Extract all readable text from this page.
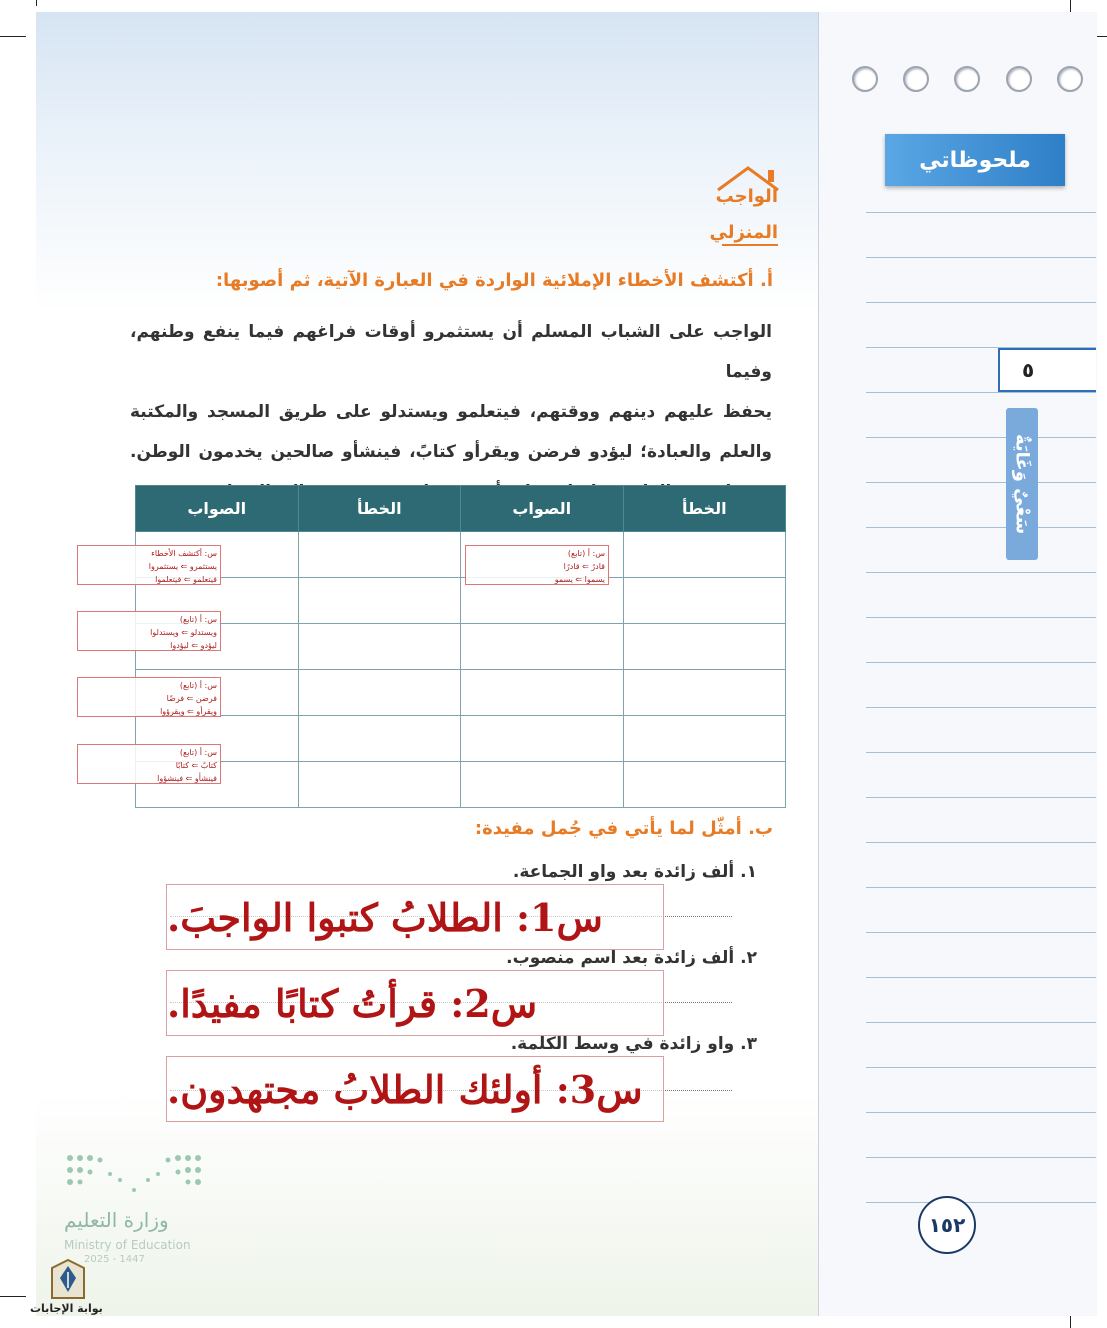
ملحوظاتي
٥
سَعْيٌ وَغَايَةٌ
١٥٢
الواجب
المنزلي
أ. أكتشف الأخطاء الإملائية الواردة في العبارة الآتية، ثم أصوبها:
الواجب على الشباب المسلم أن يستثمرو أوقات فراغهم فيما ينفع وطنهم، وفيما
يحفظ عليهم دينهم ووقتهم، فيتعلمو ويستدلو على طريق المسجد والمكتبة
والعلم والعبادة؛ ليؤدو فرضن ويقرأو كتابً، فينشأو صالحين يخدمون الوطن.
الخطأ	الصواب	الخطأ	الصواب

س: أ (تابع)
قادرً ⇐ قادرًا
يسموا ⇐ يسمو
س: أكتشف الأخطاء
يستثمرو ⇐ يستثمروا
فيتعلمو ⇐ فيتعلموا
س: أ (تابع)
ويستدلو ⇐ ويستدلوا
ليؤدو ⇐ ليؤدوا
س: أ (تابع)
فرضن ⇐ فرضًا
ويقرأو ⇐ ويقرؤوا
س: أ (تابع)
كتابً ⇐ كتابًا
فينشأو ⇐ فينشؤوا
ب. أمثّل لما يأتي في جُمل مفيدة:
١. ألف زائدة بعد واو الجماعة.
س1: الطلابُ كتبوا الواجبَ.
٢. ألف زائدة بعد اسم منصوب.
س2: قرأتُ كتابًا مفيدًا.
٣. واو زائدة في وسط الكلمة.
س3: أولئك الطلابُ مجتهدون.
وزارة التعليم
Ministry of Education
2025 - 1447
بوابة الإجابات
